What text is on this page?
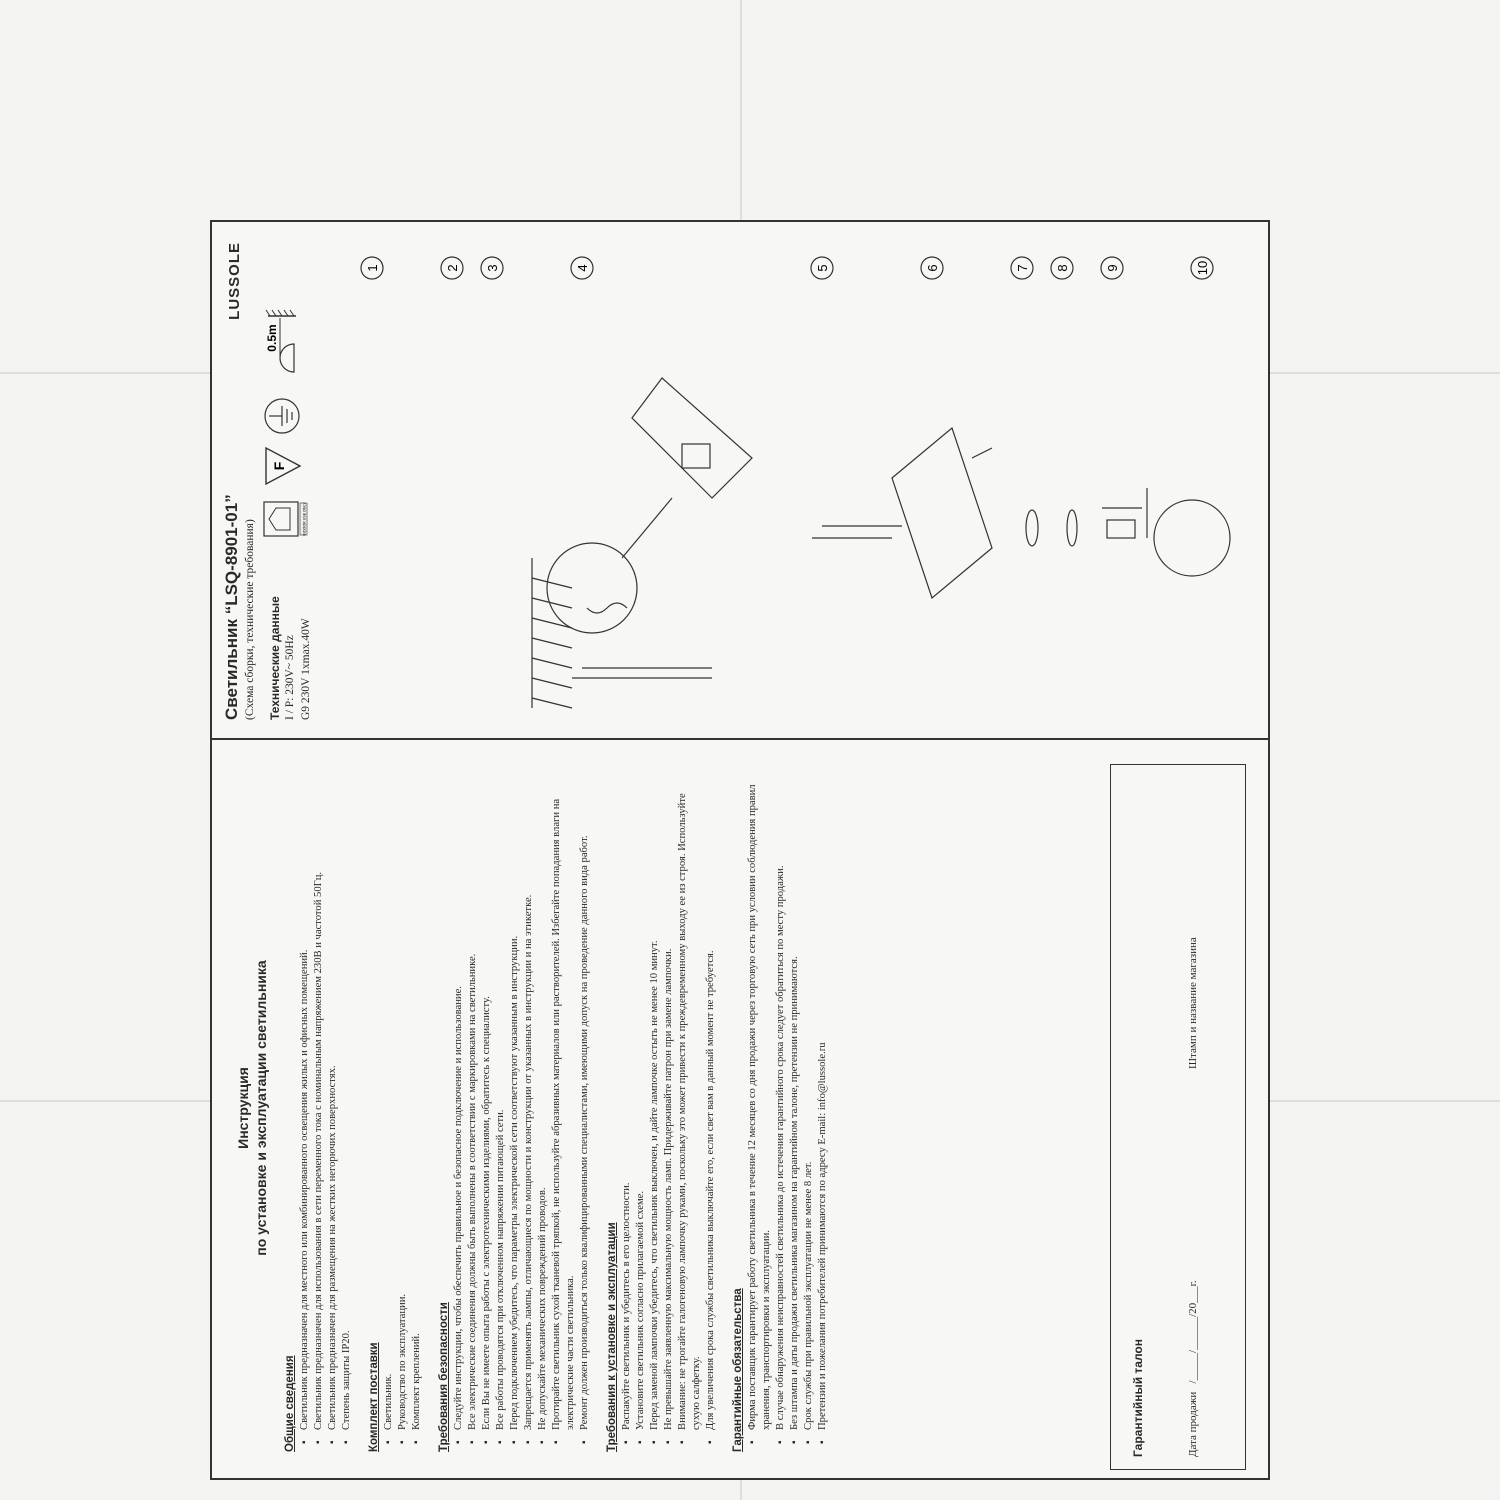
Инструкция по установке и эксплуатации светильника
Общие сведения ▪ Светильник предназначен для местного или комбинированного освещения жилых и офисных помещений. ▪ Светильник предназначен для использования в сети переменного тока с номинальным напряжением 230В и частотой 50Гц. ▪ Светильник предназначен для размещения на жестких негорючих поверхностях. ▪ Степень защиты IP20. Комплект поставки ▪ Светильник. ▪ Руководство по эксплуатации. ▪ Комплект креплений. Требования безопасности ▪ Следуйте инструкции, чтобы обеспечить правильное и безопасное подключение и использование. ▪ Все электрические соединения должны быть выполнены в соответствии с маркировками на светильнике. ▪ Если Вы не имеете опыта работы с электротехническими изделиями, обратитесь к специалисту. ▪ Все работы проводятся при отключенном напряжении питающей сети. ▪ Перед подключением убедитесь, что параметры электрической сети соответствуют указанным в инструкции. ▪ Запрещается применять лампы, отличающиеся по мощности и конструкции от указанных в инструкции и на этикетке. ▪ Не допускайте механических повреждений проводов. ▪ Протирайте светильник сухой тканевой тряпкой, не используйте абразивных материалов или растворителей. Избегайте попадания влаги на электрические части светильника. ▪ Ремонт должен производиться только квалифицированными специалистами, имеющими допуск на проведение данного вида работ. Требования к установке и эксплуатации ▪ Распакуйте светильник и убедитесь в его целостности. ▪ Установите светильник согласно прилагаемой схеме. ▪ Перед заменой лампочки убедитесь, что светильник выключен, и дайте лампочке остыть не менее 10 минут. ▪ Не превышайте заявленную максимальную мощность ламп. Придерживайте патрон при замене лампочки. ▪ Внимание: не трогайте галогеновую лампочку руками, поскольку это может привести к преждевременному выходу ее из строя. Используйте сухую салфетку. ▪ Для увеличения срока службы светильника выключайте его, если свет вам в данный момент не требуется. Гарантийные обязательства ▪ Фирма поставщик гарантирует работу светильника в течение 12 месяцев со дня продажи через торговую сеть при условии соблюдения правил хранения, транспортировки и эксплуатации. ▪ В случае обнаружения неисправностей светильника до истечения гарантийного срока следует обратиться по месту продажи. ▪ Без штампа и даты продажи светильника магазином на гарантийном талоне, претензии не принимаются. ▪ Срок службы при правильной эксплуатации не менее 8 лет. ▪ Претензии и пожелания потребителей принимаются по адресу E-mail: info@lussole.ru	Гарантийный талон	Дата продажи   /_____/______/20___г.
Штамп и название магазина
Светильник “LSQ-8901-01”
LUSSOLE
(Схема сборки, технические требования) Технические данные I / P: 230V~ 50Hz G9 230V 1xmax.40W
INDOOR USE ONLY
F
0.5m
1	2 3	4	5	6	7 8	9	10
